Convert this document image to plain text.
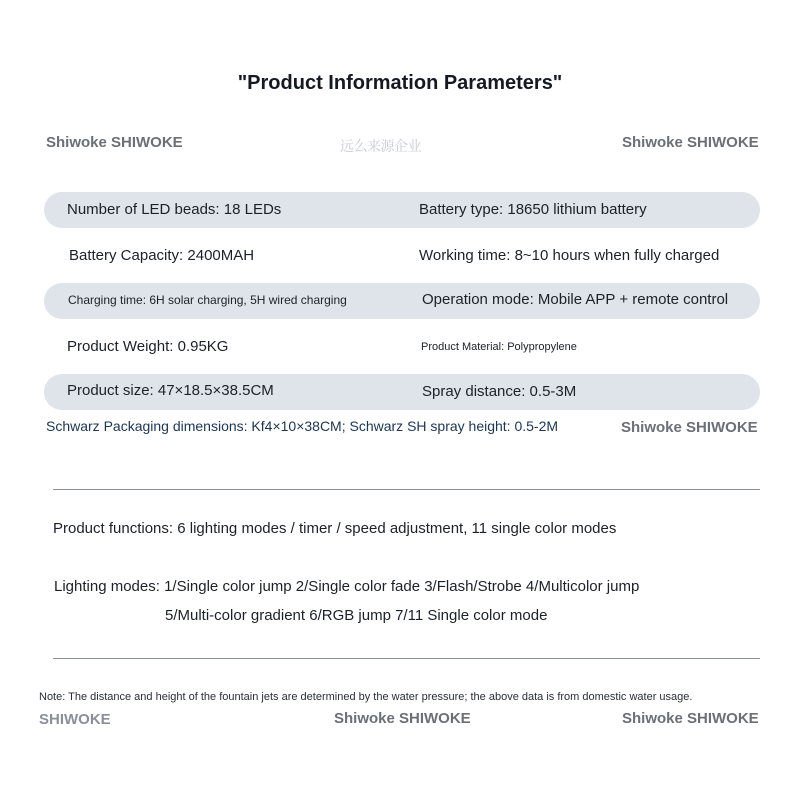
"Product Information Parameters"
Shiwoke SHIWOKE	远么来源企业	Shiwoke SHIWOKE
Number of LED beads: 18 LEDs	Battery type: 18650 lithium battery
Battery Capacity: 2400MAH	Working time: 8~10 hours when fully charged
Charging time: 6H solar charging, 5H wired charging	Operation mode: Mobile APP + remote control
Product Weight: 0.95KG	Product Material: Polypropylene
Product size: 47×18.5×38.5CM	Spray distance: 0.5-3M
Schwarz Packaging dimensions: Kf4×10×38CM; Schwarz SH spray height: 0.5-2M	Shiwoke SHIWOKE
Product functions: 6 lighting modes / timer / speed adjustment, 11 single color modes
Lighting modes: 1/Single color jump 2/Single color fade 3/Flash/Strobe 4/Multicolor jump
5/Multi-color gradient 6/RGB jump 7/11 Single color mode
Note: The distance and height of the fountain jets are determined by the water pressure; the above data is from domestic water usage.
SHIWOKE	Shiwoke SHIWOKE	Shiwoke SHIWOKE
